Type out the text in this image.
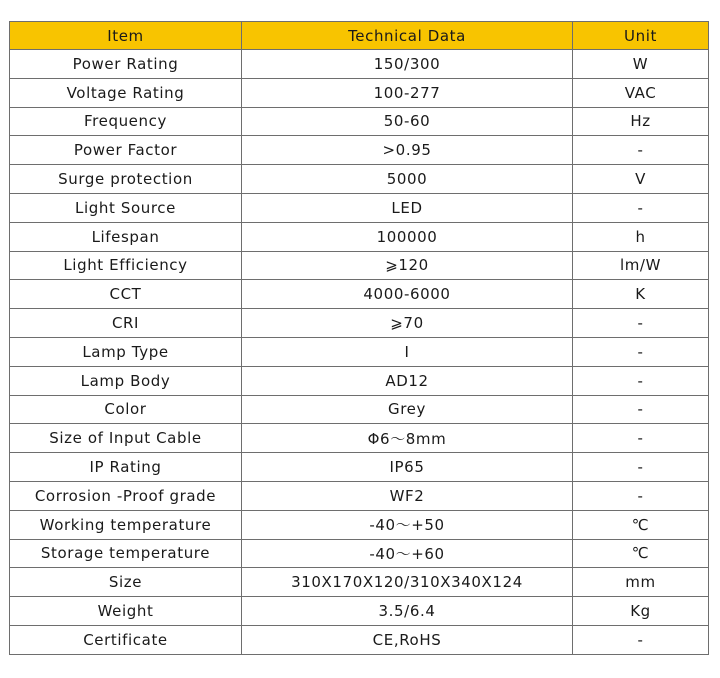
Item	Technical Data	Unit
Power Rating	150/300	W
Voltage Rating	100-277	VAC
Frequency	50-60	Hz
Power Factor	>0.95	-
Surge protection	5000	V
Light Source	LED	-
Lifespan	100000	h
Light Efficiency	⩾120	lm/W
CCT	4000-6000	K
CRI	⩾70	-
Lamp Type	I	-
Lamp Body	AD12	-
Color	Grey	-
Size of Input Cable	Φ6～8mm	-
IP Rating	IP65	-
Corrosion -Proof grade	WF2	-
Working temperature	-40～+50	℃
Storage temperature	-40～+60	℃
Size	310X170X120/310X340X124	mm
Weight	3.5/6.4	Kg
Certificate	CE,RoHS	-
